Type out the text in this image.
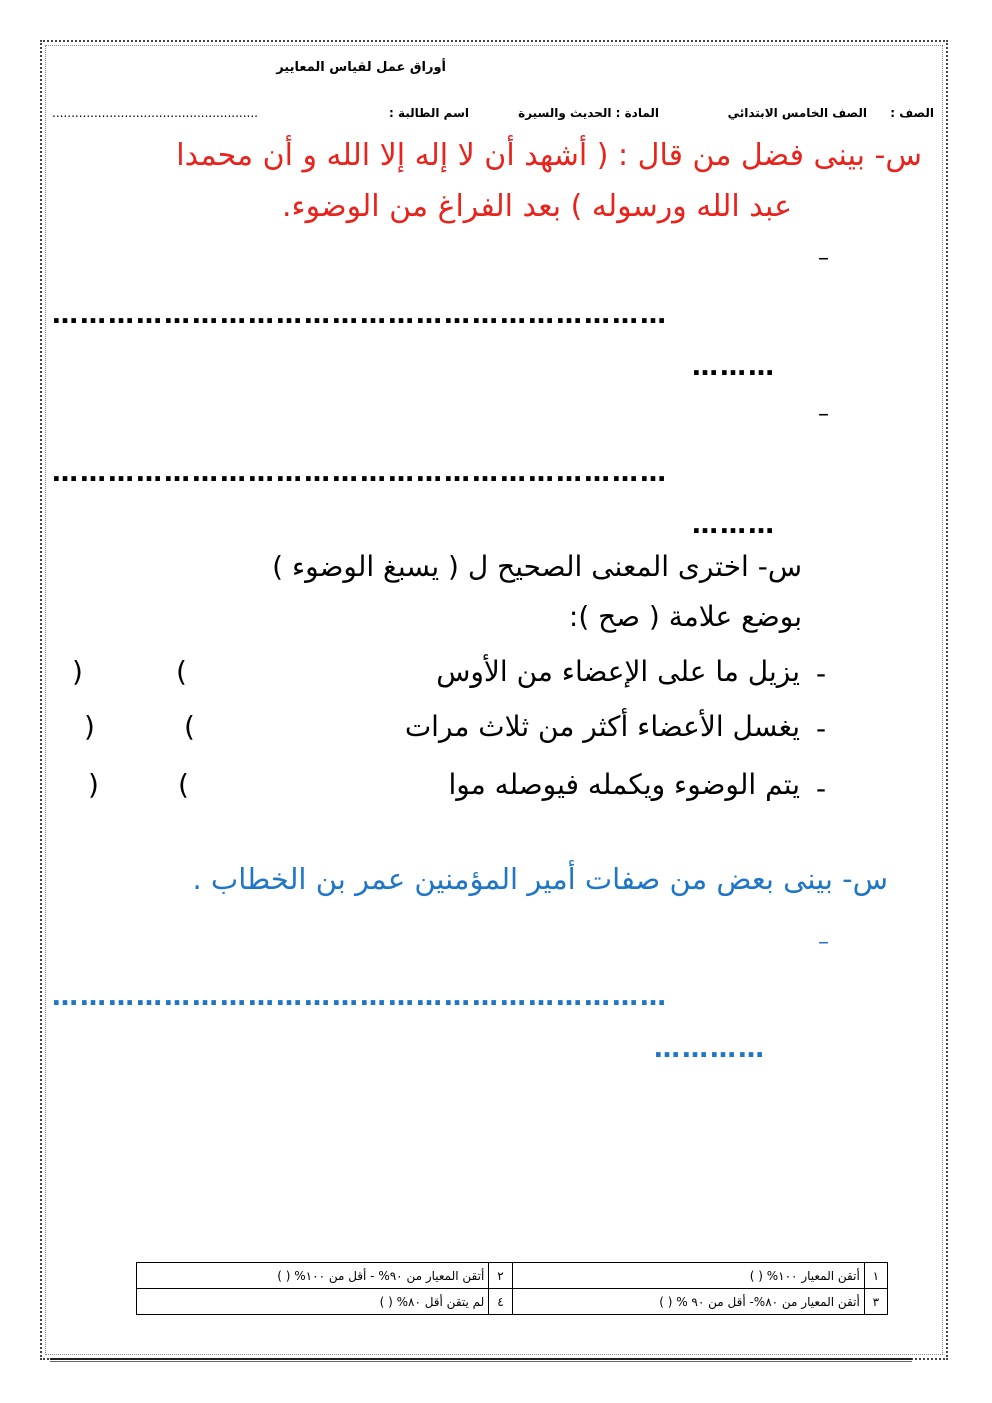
أوراق عمل لقياس المعايير
الصف :
الصف الخامس الابتدائي
المادة : الحديث والسيرة
اسم الطالبة :
......................................................
س- بينى فضل من قال : ( أشهد أن لا إله إلا الله و أن محمدا
عبد الله ورسوله ) بعد الفراغ من الوضوء.
–
…………………………………………………………
………
–
…………………………………………………………
………
س- اخترى المعنى الصحيح ل ( يسبغ الوضوء )
بوضع علامة ( صح ):
-
يزيل ما على الإعضاء من الأوس
(
)
-
يغسل الأعضاء أكثر من ثلاث مرات
(
)
-
يتم الوضوء ويكمله فيوصله موا
(
)
س- بينى بعض من صفات أمير المؤمنين عمر بن الخطاب .
–
…………………………………………………………
…………
١	أتقن المعيار ١٠٠% ( )	٢	أتقن المعيار من ٩٠% - أقل من ١٠٠% ( )
٣	أتقن المعيار من ٨٠%- أقل من ٩٠ % ( )	٤	لم يتقن أقل ٨٠% ( )
